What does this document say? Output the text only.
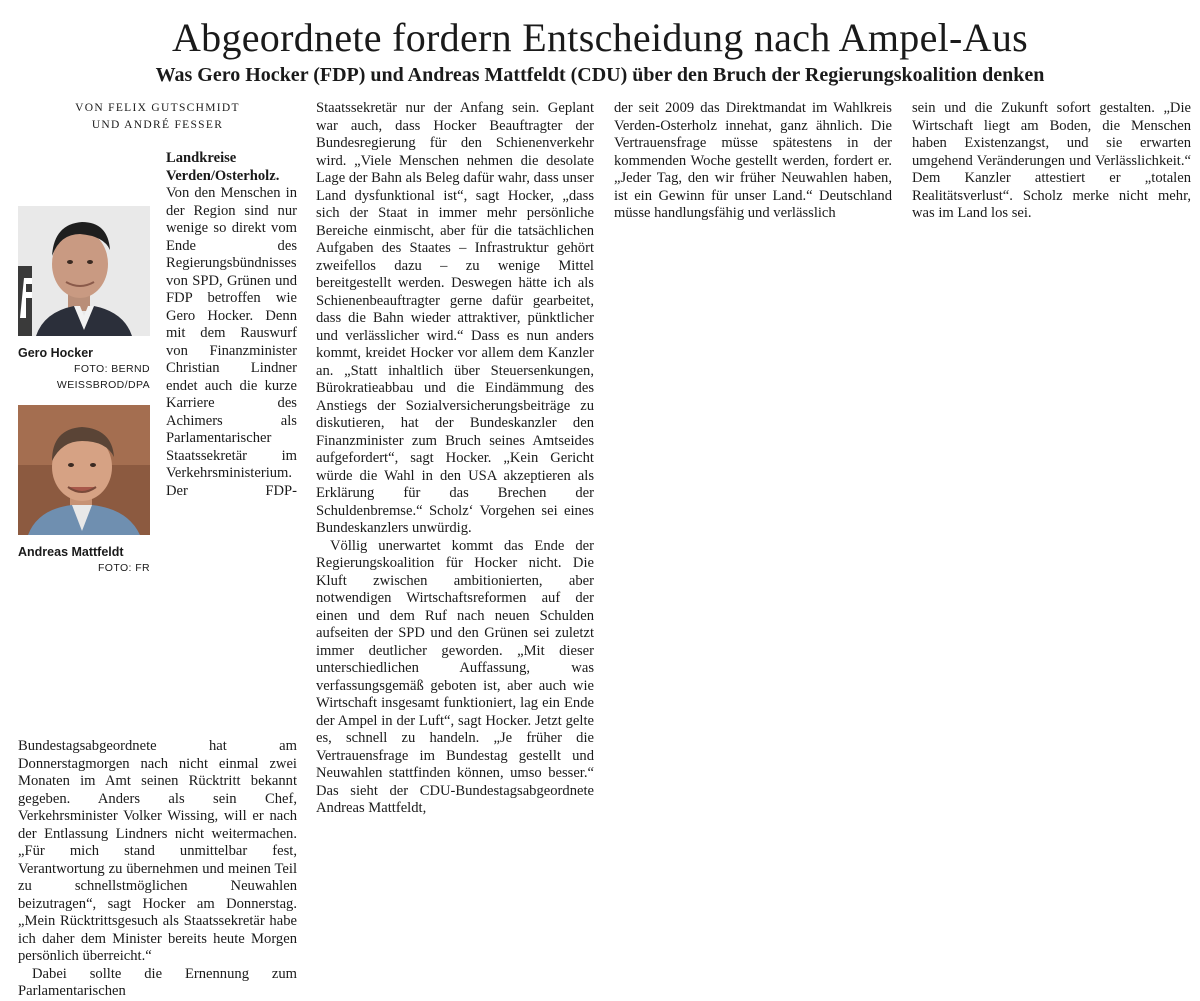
Abgeordnete fordern Entscheidung nach Ampel-Aus
Was Gero Hocker (FDP) und Andreas Mattfeldt (CDU) über den Bruch der Regierungskoalition denken

VON FELIX GUTSCHMIDT
UND ANDRÉ FESSER

Gero Hocker
FOTO: BERND
WEISSBROD/DPA
Andreas Mattfeldt
FOTO: FR

Landkreise Verden/Osterholz. Von den Menschen in der Region sind nur wenige so direkt vom Ende des Regierungsbündnisses von SPD, Grünen und FDP betroffen wie Gero Hocker. Denn mit dem Rauswurf von Finanzminister Christian Lindner endet auch die kurze Karriere des Achimers als Parlamentarischer Staatssekretär im Verkehrsministerium. Der FDP-Bundestagsabgeordnete hat am Donnerstagmorgen nach nicht einmal zwei Monaten im Amt seinen Rücktritt bekannt gegeben. Anders als sein Chef, Verkehrsminister Volker Wissing, will er nach der Entlassung Lindners nicht weitermachen. „Für mich stand unmittelbar fest, Verantwortung zu übernehmen und meinen Teil zu schnellstmöglichen Neuwahlen beizutragen“, sagt Hocker am Donnerstag. „Mein Rücktrittsgesuch als Staatssekretär habe ich daher dem Minister bereits heute Morgen persönlich überreicht.“

Dabei sollte die Ernennung zum Parlamentarischen

Staatssekretär nur der Anfang sein. Geplant war auch, dass Hocker Beauftragter der Bundesregierung für den Schienenverkehr wird. „Viele Menschen nehmen die desolate Lage der Bahn als Beleg dafür wahr, dass unser Land dysfunktional ist“, sagt Hocker, „dass sich der Staat in immer mehr persönliche Bereiche einmischt, aber für die tatsächlichen Aufgaben des Staates – Infrastruktur gehört zweifellos dazu – zu wenige Mittel bereitgestellt werden. Deswegen hätte ich als Schienenbeauftragter gerne dafür gearbeitet, dass die Bahn wieder attraktiver, pünktlicher und verlässlicher wird.“ Dass es nun anders kommt, kreidet Hocker vor allem dem Kanzler an. „Statt inhaltlich über Steuersenkungen, Bürokratieabbau und die Eindämmung des Anstiegs der Sozialversicherungsbeiträge zu diskutieren, hat der Bundeskanzler den Finanzminister zum Bruch seines Amtseides aufgefordert“, sagt Hocker. „Kein Gericht würde die Wahl in den USA akzeptieren als Erklärung für das Brechen der Schuldenbremse.“ Scholz‘ Vorgehen sei eines Bundeskanzlers unwürdig.

Völlig unerwartet kommt das Ende der Regierungskoalition für Hocker nicht. Die Kluft zwischen ambitionierten, aber notwendigen Wirtschaftsreformen auf der einen und dem Ruf nach neuen Schulden aufseiten der SPD und den Grünen sei zuletzt immer deutlicher geworden. „Mit dieser unterschiedlichen Auffassung, was verfassungsgemäß geboten ist, aber auch wie Wirtschaft insgesamt funktioniert, lag ein Ende der Ampel in der Luft“, sagt Hocker. Jetzt gelte es, schnell zu handeln. „Je früher die Vertrauensfrage im Bundestag gestellt und Neuwahlen stattfinden können, umso besser.“ Das sieht der CDU-Bundestagsabgeordnete Andreas Mattfeldt,

der seit 2009 das Direktmandat im Wahlkreis Verden-Osterholz innehat, ganz ähnlich. Die Vertrauensfrage müsse spätestens in der kommenden Woche gestellt werden, fordert er. „Jeder Tag, den wir früher Neuwahlen haben, ist ein Gewinn für unser Land.“ Deutschland müsse handlungsfähig und verlässlich

sein und die Zukunft sofort gestalten. „Die Wirtschaft liegt am Boden, die Menschen haben Existenzangst, und sie erwarten umgehend Veränderungen und Verlässlichkeit.“ Dem Kanzler attestiert er „totalen Realitätsverlust“. Scholz merke nicht mehr, was im Land los sei.
